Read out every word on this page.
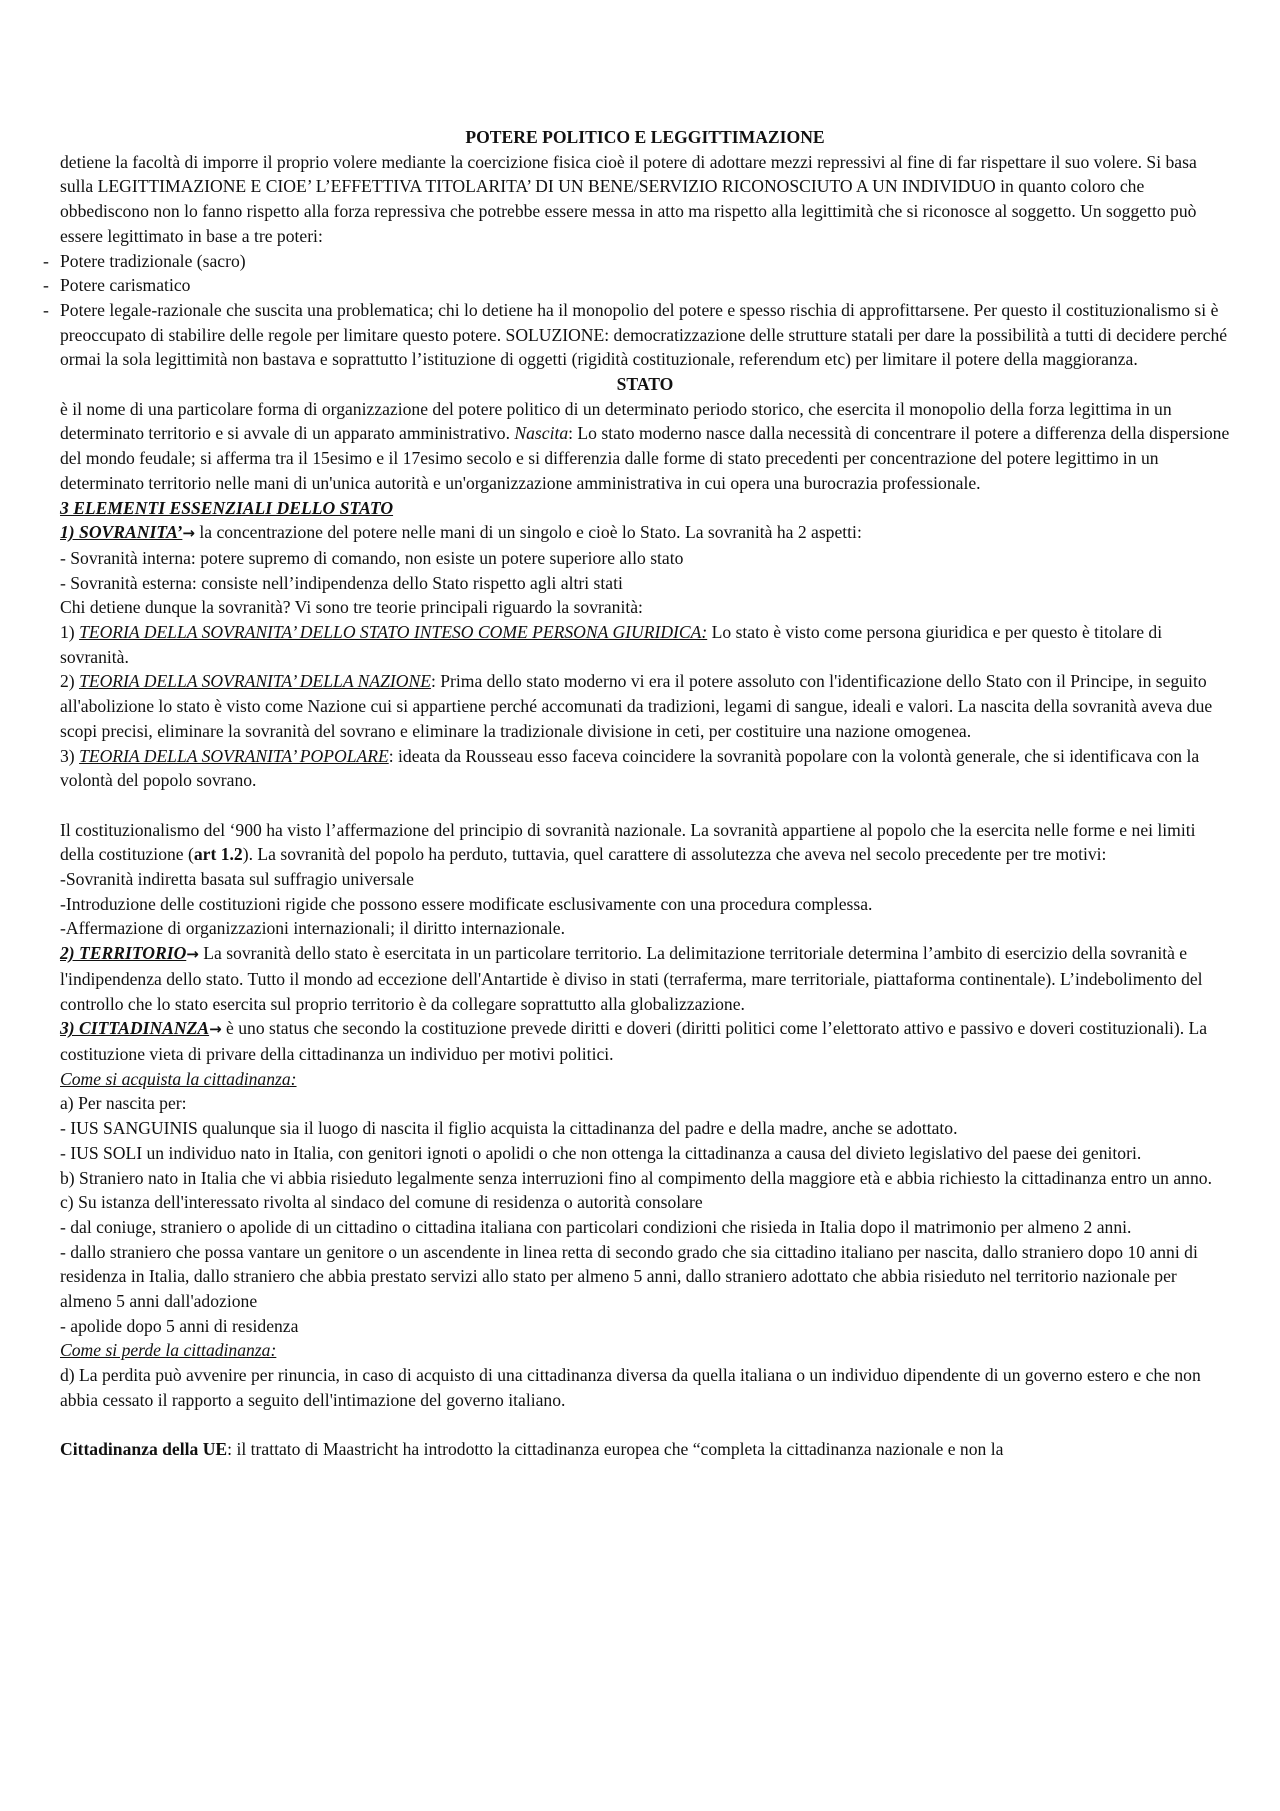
POTERE POLITICO E LEGGITTIMAZIONE

detiene la facoltà di imporre il proprio volere mediante la coercizione fisica cioè il potere di adottare mezzi repressivi al fine di far rispettare il suo volere. Si basa sulla LEGITTIMAZIONE E CIOE’ L’EFFETTIVA TITOLARITA’ DI UN BENE/SERVIZIO RICONOSCIUTO A UN INDIVIDUO in quanto coloro che obbediscono non lo fanno rispetto alla forza repressiva che potrebbe essere messa in atto ma rispetto alla legittimità che si riconosce al soggetto. Un soggetto può essere legittimato in base a tre poteri:

- Potere tradizionale (sacro)
- Potere carismatico
- Potere legale-razionale che suscita una problematica; chi lo detiene ha il monopolio del potere e spesso rischia di approfittarsene. Per questo il costituzionalismo si è preoccupato di stabilire delle regole per limitare questo potere. SOLUZIONE: democratizzazione delle strutture statali per dare la possibilità a tutti di decidere perché ormai la sola legittimità non bastava e soprattutto l’istituzione di oggetti (rigidità costituzionale, referendum etc) per limitare il potere della maggioranza.
STATO

è il nome di una particolare forma di organizzazione del potere politico di un determinato periodo storico, che esercita il monopolio della forza legittima in un determinato territorio e si avvale di un apparato amministrativo. Nascita: Lo stato moderno nasce dalla necessità di concentrare il potere a differenza della dispersione del mondo feudale; si afferma tra il 15esimo e il 17esimo secolo e si differenzia dalle forme di stato precedenti per concentrazione del potere legittimo in un determinato territorio nelle mani di un'unica autorità e un'organizzazione amministrativa in cui opera una burocrazia professionale.

3 ELEMENTI ESSENZIALI DELLO STATO

1) SOVRANITA’→ la concentrazione del potere nelle mani di un singolo e cioè lo Stato. La sovranità ha 2 aspetti:

- Sovranità interna: potere supremo di comando, non esiste un potere superiore allo stato

- Sovranità esterna: consiste nell’indipendenza dello Stato rispetto agli altri stati

Chi detiene dunque la sovranità? Vi sono tre teorie principali riguardo la sovranità:

1) TEORIA DELLA SOVRANITA’ DELLO STATO INTESO COME PERSONA GIURIDICA: Lo stato è visto come persona giuridica e per questo è titolare di sovranità.

2) TEORIA DELLA SOVRANITA’ DELLA NAZIONE: Prima dello stato moderno vi era il potere assoluto con l'identificazione dello Stato con il Principe, in seguito all'abolizione lo stato è visto come Nazione cui si appartiene perché accomunati da tradizioni, legami di sangue, ideali e valori. La nascita della sovranità aveva due scopi precisi, eliminare la sovranità del sovrano e eliminare la tradizionale divisione in ceti, per costituire una nazione omogenea.

3) TEORIA DELLA SOVRANITA’ POPOLARE: ideata da Rousseau esso faceva coincidere la sovranità popolare con la volontà generale, che si identificava con la volontà del popolo sovrano.

Il costituzionalismo del ‘900 ha visto l’affermazione del principio di sovranità nazionale. La sovranità appartiene al popolo che la esercita nelle forme e nei limiti della costituzione (art 1.2). La sovranità del popolo ha perduto, tuttavia, quel carattere di assolutezza che aveva nel secolo precedente per tre motivi:

-Sovranità indiretta basata sul suffragio universale

-Introduzione delle costituzioni rigide che possono essere modificate esclusivamente con una procedura complessa.

-Affermazione di organizzazioni internazionali; il diritto internazionale.

2) TERRITORIO→ La sovranità dello stato è esercitata in un particolare territorio. La delimitazione territoriale determina l’ambito di esercizio della sovranità e l'indipendenza dello stato. Tutto il mondo ad eccezione dell'Antartide è diviso in stati (terraferma, mare territoriale, piattaforma continentale). L’indebolimento del controllo che lo stato esercita sul proprio territorio è da collegare soprattutto alla globalizzazione.

3) CITTADINANZA→ è uno status che secondo la costituzione prevede diritti e doveri (diritti politici come l’elettorato attivo e passivo e doveri costituzionali). La costituzione vieta di privare della cittadinanza un individuo per motivi politici.

Come si acquista la cittadinanza:

a) Per nascita per:

- IUS SANGUINIS qualunque sia il luogo di nascita il figlio acquista la cittadinanza del padre e della madre, anche se adottato.

- IUS SOLI un individuo nato in Italia, con genitori ignoti o apolidi o che non ottenga la cittadinanza a causa del divieto legislativo del paese dei genitori.

b) Straniero nato in Italia che vi abbia risieduto legalmente senza interruzioni fino al compimento della maggiore età e abbia richiesto la cittadinanza entro un anno.

c) Su istanza dell'interessato rivolta al sindaco del comune di residenza o autorità consolare

- dal coniuge, straniero o apolide di un cittadino o cittadina italiana con particolari condizioni che risieda in Italia dopo il matrimonio per almeno 2 anni.

- dallo straniero che possa vantare un genitore o un ascendente in linea retta di secondo grado che sia cittadino italiano per nascita, dallo straniero dopo 10 anni di residenza in Italia, dallo straniero che abbia prestato servizi allo stato per almeno 5 anni, dallo straniero adottato che abbia risieduto nel territorio nazionale per almeno 5 anni dall'adozione

- apolide dopo 5 anni di residenza

Come si perde la cittadinanza:

d) La perdita può avvenire per rinuncia, in caso di acquisto di una cittadinanza diversa da quella italiana o un individuo dipendente di un governo estero e che non abbia cessato il rapporto a seguito dell'intimazione del governo italiano.

Cittadinanza della UE: il trattato di Maastricht ha introdotto la cittadinanza europea che “completa la cittadinanza nazionale e non la
